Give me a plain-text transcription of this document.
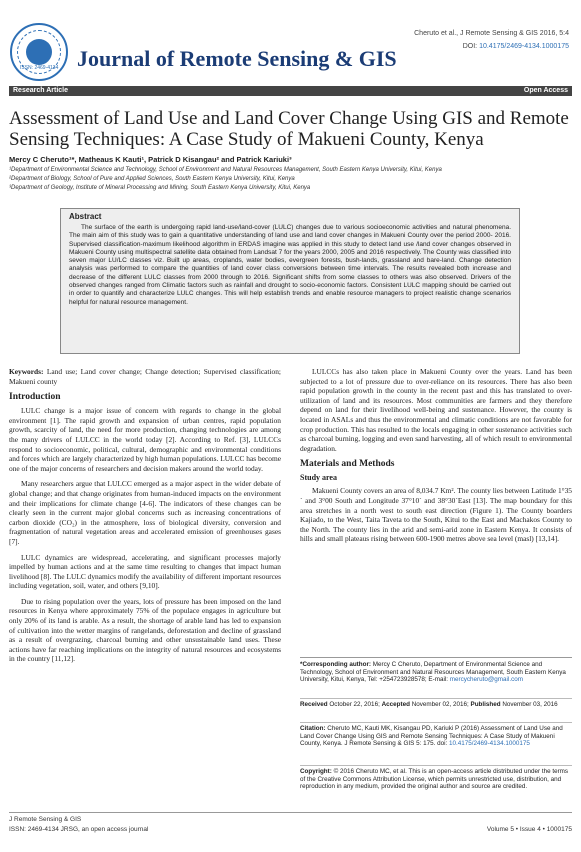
ISSN: 2469-4134 Journal of Remote Sensing & GIS
Cheruto et al., J Remote Sensing & GIS 2016, 5:4
DOI: 10.4175/2469-4134.1000175
Research Article	Open Access
Assessment of Land Use and Land Cover Change Using GIS and Remote Sensing Techniques: A Case Study of Makueni County, Kenya
Mercy C Cheruto¹*, Matheaus K Kauti¹, Patrick D Kisangau² and Patrick Kariuki³
¹Department of Environmental Science and Technology, School of Environment and Natural Resources Management, South Eastern Kenya University, Kitui, Kenya
²Department of Biology, School of Pure and Applied Sciences, South Eastern Kenya University, Kitui, Kenya
³Department of Geology, Institute of Mineral Processing and Mining, South Eastern Kenya University, Kitui, Kenya
Abstract
The surface of the earth is undergoing rapid land-use/land-cover (LULC) changes due to various socioeconomic activities and natural phenomena. The main aim of this study was to gain a quantitative understanding of land use and land cover changes in Makueni County over the period 2000- 2016. Supervised classification-maximum likelihood algorithm in ERDAS imagine was applied in this study to detect land use /land cover changes observed in Makueni County using multispectral satellite data obtained from Landsat 7 for the years 2000, 2005 and 2016 respectively. The County was classified into seven major LU/LC classes viz. Built up areas, croplands, water bodies, evergreen forests, bush-lands, grassland and bare-land. Change detection analysis was performed to compare the quantities of land cover class conversions between time intervals. The results revealed both increase and decrease of the different LULC classes from 2000 through to 2016. Significant shifts from some classes to others was also observed. Drivers of the observed changes ranged from Climatic factors such as rainfall and drought to socio-economic factors. Consistent LULC mapping should be carried out in order to quantify and characterize LULC changes. This will help establish trends and enable resource managers to project realistic change scenarios helpful for natural resource management.

Keywords: Land use; Land cover change; Change detection; Supervised classification; Makueni county

Introduction

LULC change is a major issue of concern with regards to change in the global environment [1]. The rapid growth and expansion of urban centres, rapid population growth, scarcity of land, the need for more production, changing technologies are among the many drivers of LULCC in the world today [2]. According to Ref. [3], LULCCs respond to socioeconomic, political, cultural, demographic and environmental conditions and forces which are largely characterized by high human populations. LULCC has become one of the major concerns of researchers and decision makers around the world today.

Many researchers argue that LULCC emerged as a major aspect in the wider debate of global change; and that change originates from human-induced impacts on the environment and their implications for climate change [4-6]. The indicators of these changes can be clearly seen in the current major global concerns such as increasing concentrations of carbon dioxide (CO₂) in the atmosphere, loss of biological diversity, conversion and fragmentation of natural vegetation areas and accelerated emission of greenhouses gases [7].

LULC dynamics are widespread, accelerating, and significant processes majorly impelled by human actions and at the same time resulting to changes that impact human livelihood [8]. The LULC dynamics modify the availability of different important resources including vegetation, soil, water, and others [9,10].

Due to rising population over the years, lots of pressure has been imposed on the land resources in Kenya where approximately 75% of the populace engages in agriculture but only 20% of its land is arable. As a result, the shortage of arable land has led to expansion of cultivation into the wetter margins of rangelands, deforestation and decline of grassland as a result of overgrazing, charcoal burning and other unsustainable land uses. These actions have far reaching implications on the integrity of natural resources and ecosystems in the country [11,12].

LULCCs has also taken place in Makueni County over the years. Land has been subjected to a lot of pressure due to over-reliance on its resources. There has also been rapid population growth in the county in the recent past and this has translated to over-utilization of land and its resources. Most communities are farmers and they therefore depend on land for their livelihood well-being and sustenance. However, the county is located in ASALs and thus the environmental and climatic conditions are not favorable for crop production. This has resulted to the locals engaging in other sustenance activities such as charcoal burning, logging and even sand harvesting, all of which result to environmental degradation.

Materials and Methods
Study area

Makueni County covers an area of 8,034.7 Km². The county lies between Latitude 1°35´ and 3°00 South and Longitude 37°10´ and 38°30´East [13]. The map boundary for this area stretches in a north west to south east direction (Figure 1). The County boarders Kajiado, to the West, Taita Taveta to the South, Kitui to the East and Machakos County to the North. The county lies in the arid and semi-arid zone in Eastern Kenya. It consists of hills and small plateaus rising between 600-1900 metres above sea level (masl) [13,14].

*Corresponding author: Mercy C Cheruto, Department of Environmental Science and Technology, School of Environment and Natural Resources Management, South Eastern Kenya University, Kitui, Kenya, Tel: +254723928578; E-mail: mercycheruto@gmail.com
Received October 22, 2016; Accepted November 02, 2016; Published November 03, 2016
Citation: Cheruto MC, Kauti MK, Kisangau PD, Kariuki P (2016) Assessment of Land Use and Land Cover Change Using GIS and Remote Sensing Techniques: A Case Study of Makueni County, Kenya. J Remote Sensing & GIS 5: 175. doi: 10.4175/2469-4134.1000175
Copyright: © 2016 Cheruto MC, et al. This is an open-access article distributed under the terms of the Creative Commons Attribution License, which permits unrestricted use, distribution, and reproduction in any medium, provided the original author and source are credited.
J Remote Sensing & GIS
ISSN: 2469-4134 JRSG, an open access journal	Volume 5 • Issue 4 • 1000175
